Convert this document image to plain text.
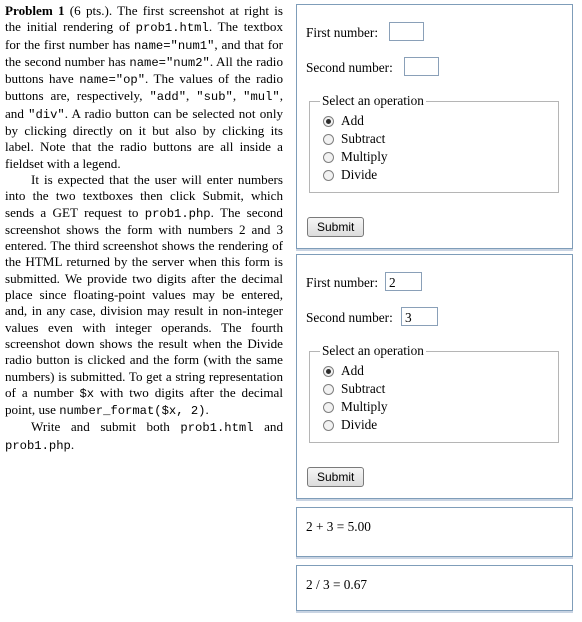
Problem 1 (6 pts.). The first screenshot at right is the initial rendering of prob1.html. The textbox for the first number has name="num1", and that for the second number has name="num2". All the radio buttons have name="op". The values of the radio buttons are, respectively, "add", "sub", "mul", and "div". A radio button can be selected not only by clicking directly on it but also by clicking its label. Note that the radio buttons are all inside a fieldset with a legend.

It is expected that the user will enter numbers into the two textboxes then click Submit, which sends a GET request to prob1.php. The second screenshot shows the form with numbers 2 and 3 entered. The third screenshot shows the rendering of the HTML returned by the server when this form is submitted. We provide two digits after the decimal place since floating-point values may be entered, and, in any case, division may result in non-integer values even with integer operands. The fourth screenshot down shows the result when the Divide radio button is clicked and the form (with the same numbers) is submitted. To get a string representation of a number $x with two digits after the decimal point, use number_format($x, 2).

Write and submit both prob1.html and prob1.php.

First number:
Second number:
Select an operation
Add
Subtract
Multiply
Divide
Submit
First number: 2
Second number: 3
Select an operation
Add
Subtract
Multiply
Divide
Submit
2 + 3 = 5.00
2 / 3 = 0.67
